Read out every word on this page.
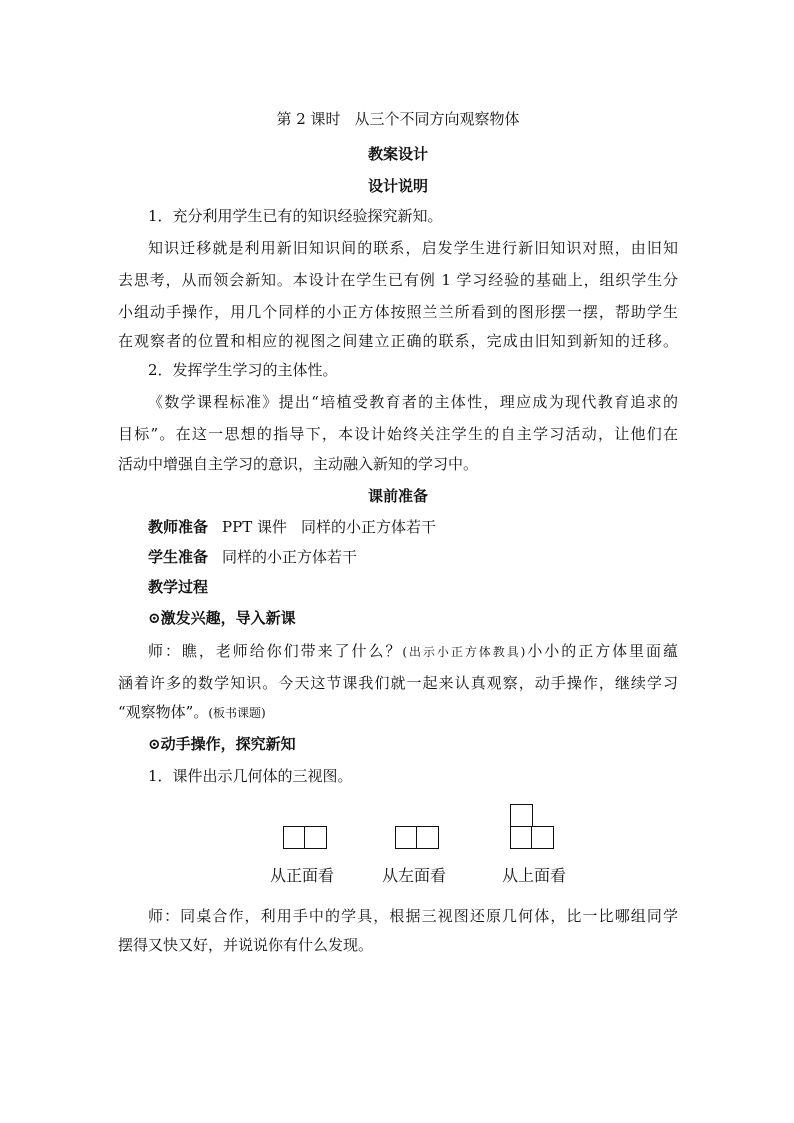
第 2 课时 从三个不同方向观察物体
教案设计
设计说明
1．充分利用学生已有的知识经验探究新知。
知识迁移就是利用新旧知识间的联系，启发学生进行新旧知识对照，由旧知
去思考，从而领会新知。本设计在学生已有例 1 学习经验的基础上，组织学生分
小组动手操作，用几个同样的小正方体按照兰兰所看到的图形摆一摆，帮助学生
在观察者的位置和相应的视图之间建立正确的联系，完成由旧知到新知的迁移。
2．发挥学生学习的主体性。
《数学课程标准》提出“培植受教育者的主体性，理应成为现代教育追求的
目标”。在这一思想的指导下，本设计始终关注学生的自主学习活动，让他们在
活动中增强自主学习的意识，主动融入新知的学习中。
课前准备
教师准备 PPT 课件 同样的小正方体若干
学生准备 同样的小正方体若干
教学过程
⊙激发兴趣，导入新课
师：瞧，老师给你们带来了什么？(出示小正方体教具)小小的正方体里面蕴
涵着许多的数学知识。今天这节课我们就一起来认真观察，动手操作，继续学习
“观察物体”。(板书课题)
⊙动手操作，探究新知
1．课件出示几何体的三视图。
从正面看	从左面看	从上面看
师：同桌合作，利用手中的学具，根据三视图还原几何体，比一比哪组同学
摆得又快又好，并说说你有什么发现。
